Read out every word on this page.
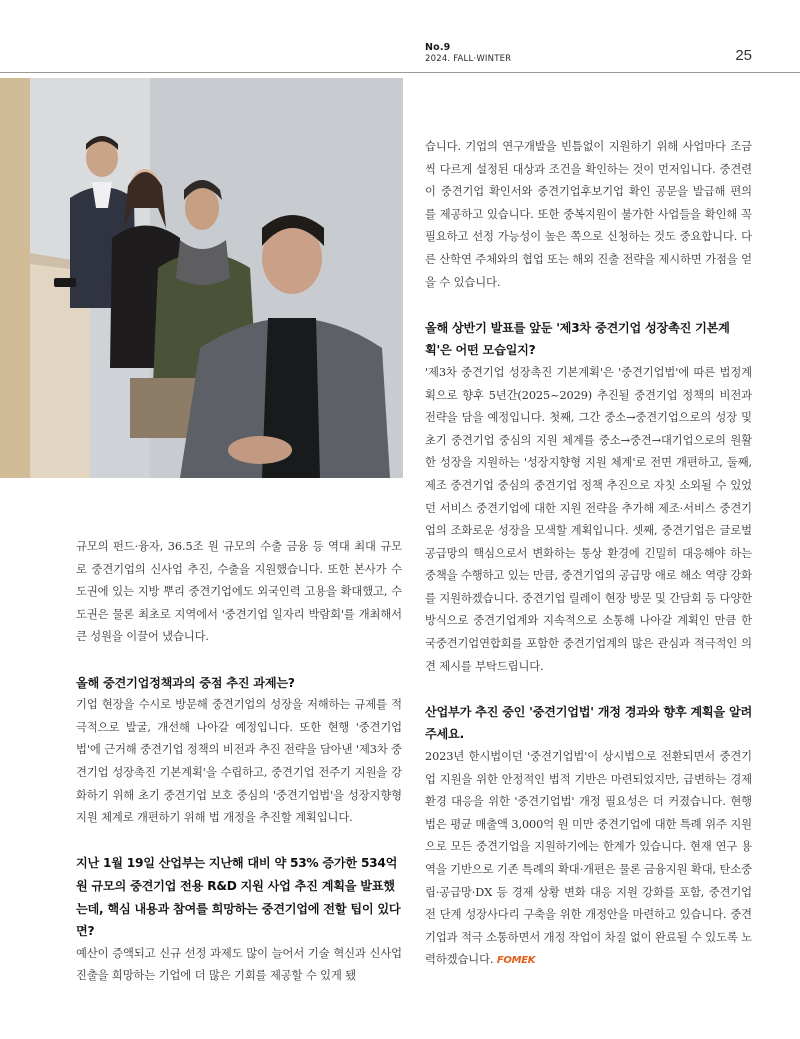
No.9
2024. FALL·WINTER	25

규모의 펀드·융자, 36.5조 원 규모의 수출 금융 등 역대 최대 규모로 중견기업의 신사업 추진, 수출을 지원했습니다. 또한 본사가 수도권에 있는 지방 뿌리 중견기업에도 외국인력 고용을 확대했고, 수도권은 물론 최초로 지역에서 '중견기업 일자리 박람회'를 개최해서 큰 성원을 이끌어 냈습니다.

올해 중견기업정책과의 중점 추진 과제는?

기업 현장을 수시로 방문해 중견기업의 성장을 저해하는 규제를 적극적으로 발굴, 개선해 나아갈 예정입니다. 또한 현행 '중견기업법'에 근거해 중견기업 정책의 비전과 추진 전략을 담아낸 '제3차 중견기업 성장촉진 기본계획'을 수립하고, 중견기업 전주기 지원을 강화하기 위해 초기 중견기업 보호 중심의 '중견기업법'을 성장지향형 지원 체계로 개편하기 위해 법 개정을 추진할 계획입니다.

지난 1월 19일 산업부는 지난해 대비 약 53% 증가한 534억 원 규모의 중견기업 전용 R&D 지원 사업 추진 계획을 발표했는데, 핵심 내용과 참여를 희망하는 중견기업에 전할 팁이 있다면?

예산이 증액되고 신규 선정 과제도 많이 늘어서 기술 혁신과 신사업 진출을 희망하는 기업에 더 많은 기회를 제공할 수 있게 됐

습니다. 기업의 연구개발을 빈틈없이 지원하기 위해 사업마다 조금씩 다르게 설정된 대상과 조건을 확인하는 것이 먼저입니다. 중견련이 중견기업 확인서와 중견기업후보기업 확인 공문을 발급해 편의를 제공하고 있습니다. 또한 중복지원이 불가한 사업들을 확인해 꼭 필요하고 선정 가능성이 높은 쪽으로 신청하는 것도 중요합니다. 다른 산학연 주체와의 협업 또는 해외 진출 전략을 제시하면 가점을 얻을 수 있습니다.

올해 상반기 발표를 앞둔 '제3차 중견기업 성장촉진 기본계획'은 어떤 모습일지?

'제3차 중견기업 성장촉진 기본계획'은 '중견기업법'에 따른 법정계획으로 향후 5년간(2025~2029) 추진될 중견기업 정책의 비전과 전략을 담을 예정입니다. 첫째, 그간 중소→중견기업으로의 성장 및 초기 중견기업 중심의 지원 체계를 중소→중견→대기업으로의 원활한 성장을 지원하는 '성장지향형 지원 체계'로 전면 개편하고, 둘째, 제조 중견기업 중심의 중견기업 정책 추진으로 자칫 소외될 수 있었던 서비스 중견기업에 대한 지원 전략을 추가해 제조·서비스 중견기업의 조화로운 성장을 모색할 계획입니다. 셋째, 중견기업은 글로벌 공급망의 핵심으로서 변화하는 통상 환경에 긴밀히 대응해야 하는 중책을 수행하고 있는 만큼, 중견기업의 공급망 애로 해소 역량 강화를 지원하겠습니다. 중견기업 릴레이 현장 방문 및 간담회 등 다양한 방식으로 중견기업계와 지속적으로 소통해 나아갈 계획인 만큼 한국중견기업연합회를 포함한 중견기업계의 많은 관심과 적극적인 의견 제시를 부탁드립니다.

산업부가 추진 중인 '중견기업법' 개정 경과와 향후 계획을 알려 주세요.

2023년 한시법이던 '중견기업법'이 상시법으로 전환되면서 중견기업 지원을 위한 안정적인 법적 기반은 마련되었지만, 급변하는 경제 환경 대응을 위한 '중견기업법' 개정 필요성은 더 커졌습니다. 현행법은 평균 매출액 3,000억 원 미만 중견기업에 대한 특례 위주 지원으로 모든 중견기업을 지원하기에는 한계가 있습니다. 현재 연구 용역을 기반으로 기존 특례의 확대·개편은 물론 금융지원 확대, 탄소중립·공급망·DX 등 경제 상황 변화 대응 지원 강화를 포함, 중견기업 전 단계 성장사다리 구축을 위한 개정안을 마련하고 있습니다. 중견기업과 적극 소통하면서 개정 작업이 차질 없이 완료될 수 있도록 노력하겠습니다. FOMEK
